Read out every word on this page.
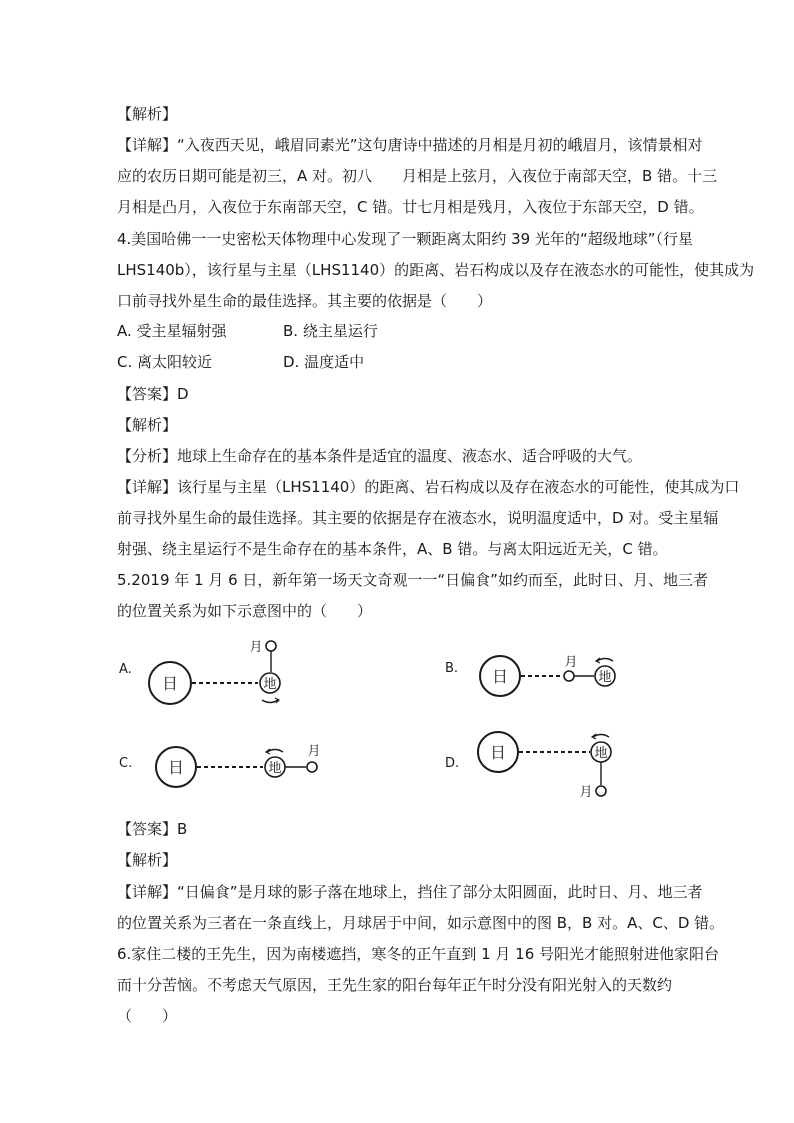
【解析】
【详解】“入夜西天见，峨眉同素光”这句唐诗中描述的月相是月初的峨眉月，该情景相对
应的农历日期可能是初三，A 对。初八　　月相是上弦月，入夜位于南部天空，B 错。十三
月相是凸月，入夜位于东南部天空，C 错。廿七月相是残月，入夜位于东部天空，D 错。
4.美国哈佛一一史密松天体物理中心发现了一颗距离太阳约 39 光年的“超级地球”（行星
LHS140b），该行星与主星（LHS1140）的距离、岩石构成以及存在液态水的可能性，使其成为
口前寻找外星生命的最佳选择。其主要的依据是（　　）
A. 受主星辐射强	B. 绕主星运行
C. 离太阳较近	D. 温度适中
【答案】D
【解析】
【分析】地球上生命存在的基本条件是适宜的温度、液态水、适合呼吸的大气。
【详解】该行星与主星（LHS1140）的距离、岩石构成以及存在液态水的可能性，使其成为口
前寻找外星生命的最佳选择。其主要的依据是存在液态水，说明温度适中，D 对。受主星辐
射强、绕主星运行不是生命存在的基本条件，A、B 错。与离太阳远近无关，C 错。
5.2019 年 1 月 6 日，新年第一场天文奇观一一“日偏食”如约而至，此时日、月、地三者
的位置关系为如下示意图中的（　　）
A.	B.
C.	D.
日	地
月
日
月
地
日	地
月	日	地
月
【答案】B
【解析】
【详解】“日偏食”是月球的影子落在地球上，挡住了部分太阳圆面，此时日、月、地三者
的位置关系为三者在一条直线上，月球居于中间，如示意图中的图 B，B 对。A、C、D 错。
6.家住二楼的王先生，因为南楼遮挡，寒冬的正午直到 1 月 16 号阳光才能照射进他家阳台
而十分苦恼。不考虑天气原因，王先生家的阳台每年正午时分没有阳光射入的天数约
（　　）
